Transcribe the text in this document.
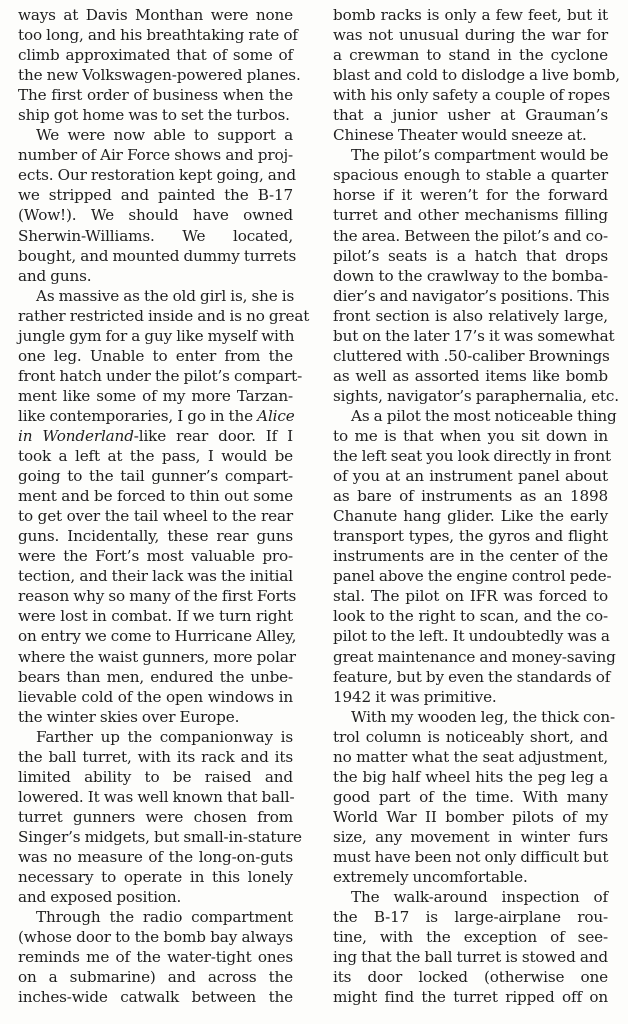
ways at Davis Monthan were none
too long, and his breathtaking rate of
climb approximated that of some of
the new Volkswagen-powered planes.
The first order of business when the
ship got home was to set the turbos.
We were now able to support a
number of Air Force shows and proj-
ects. Our restoration kept going, and
we stripped and painted the B-17
(Wow!). We should have owned
Sherwin-Williams. We located,
bought, and mounted dummy turrets
and guns.
As massive as the old girl is, she is
rather restricted inside and is no great
jungle gym for a guy like myself with
one leg. Unable to enter from the
front hatch under the pilot’s compart-
ment like some of my more Tarzan-
like contemporaries, I go in the Alice
in Wonderland-like rear door. If I
took a left at the pass, I would be
going to the tail gunner’s compart-
ment and be forced to thin out some
to get over the tail wheel to the rear
guns. Incidentally, these rear guns
were the Fort’s most valuable pro-
tection, and their lack was the initial
reason why so many of the first Forts
were lost in combat. If we turn right
on entry we come to Hurricane Alley,
where the waist gunners, more polar
bears than men, endured the unbe-
lievable cold of the open windows in
the winter skies over Europe.
Farther up the companionway is
the ball turret, with its rack and its
limited ability to be raised and
lowered. It was well known that ball-
turret gunners were chosen from
Singer’s midgets, but small-in-stature
was no measure of the long-on-guts
necessary to operate in this lonely
and exposed position.
Through the radio compartment
(whose door to the bomb bay always
reminds me of the water-tight ones
on a submarine) and across the
inches-wide catwalk between the
bomb racks is only a few feet, but it
was not unusual during the war for
a crewman to stand in the cyclone
blast and cold to dislodge a live bomb,
with his only safety a couple of ropes
that a junior usher at Grauman’s
Chinese Theater would sneeze at.
The pilot’s compartment would be
spacious enough to stable a quarter
horse if it weren’t for the forward
turret and other mechanisms filling
the area. Between the pilot’s and co-
pilot’s seats is a hatch that drops
down to the crawlway to the bomba-
dier’s and navigator’s positions. This
front section is also relatively large,
but on the later 17’s it was somewhat
cluttered with .50-caliber Brownings
as well as assorted items like bomb
sights, navigator’s paraphernalia, etc.
As a pilot the most noticeable thing
to me is that when you sit down in
the left seat you look directly in front
of you at an instrument panel about
as bare of instruments as an 1898
Chanute hang glider. Like the early
transport types, the gyros and flight
instruments are in the center of the
panel above the engine control pede-
stal. The pilot on IFR was forced to
look to the right to scan, and the co-
pilot to the left. It undoubtedly was a
great maintenance and money-saving
feature, but by even the standards of
1942 it was primitive.
With my wooden leg, the thick con-
trol column is noticeably short, and
no matter what the seat adjustment,
the big half wheel hits the peg leg a
good part of the time. With many
World War II bomber pilots of my
size, any movement in winter furs
must have been not only difficult but
extremely uncomfortable.
The walk-around inspection of
the B-17 is large-airplane rou-
tine, with the exception of see-
ing that the ball turret is stowed and
its door locked (otherwise one
might find the turret ripped off on
